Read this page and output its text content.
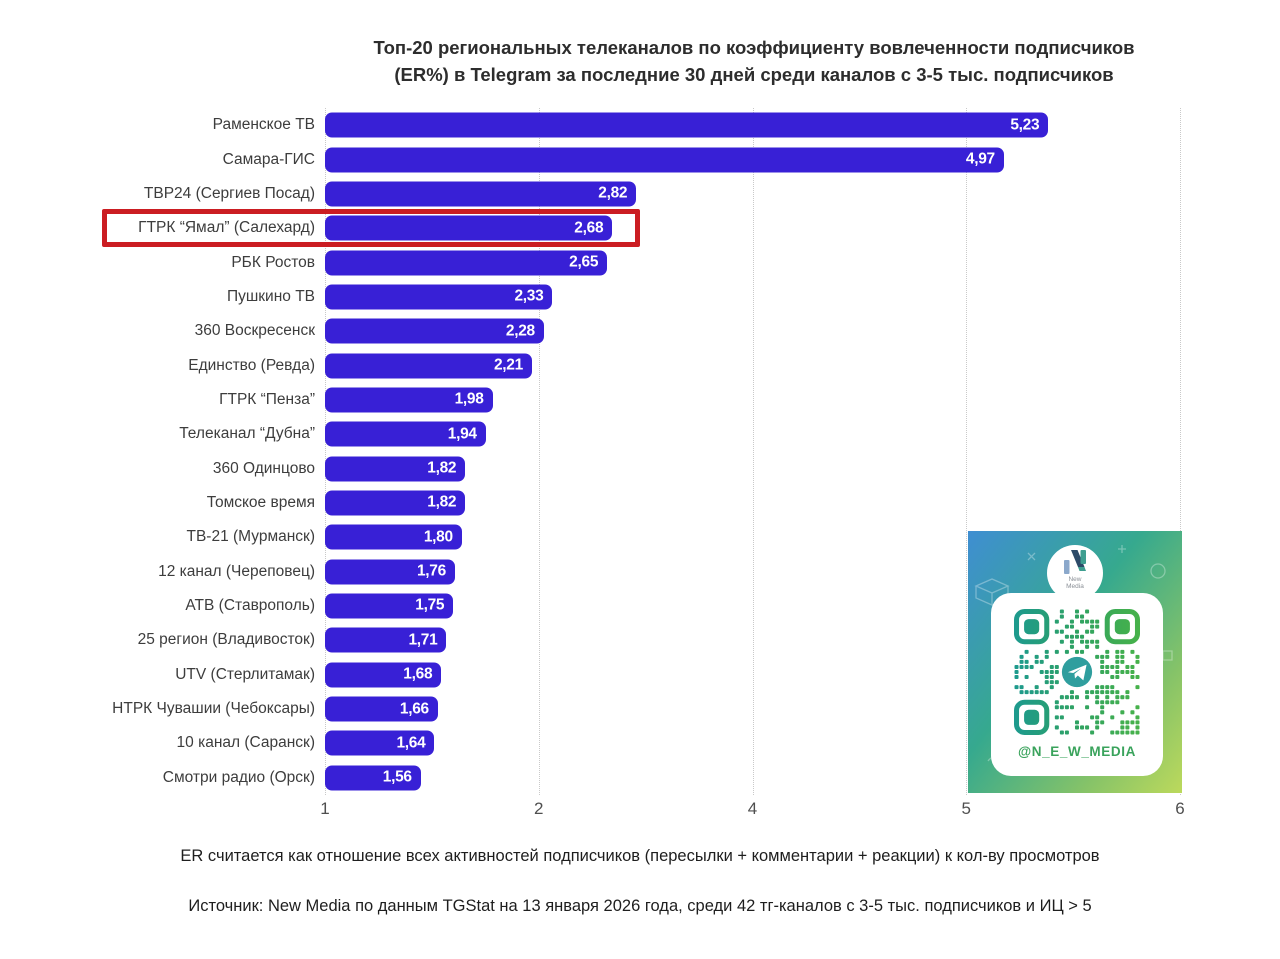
Топ-20 региональных телеканалов по коэффициенту вовлеченности подписчиков
(ER%) в Telegram за последние 30 дней среди каналов с 3-5 тыс. подписчиков
Раменское ТВ	5,23
Самара-ГИС	4,97
ТВР24 (Сергиев Посад)	2,82
ГТРК “Ямал” (Салехард)	2,68
РБК Ростов	2,65
Пушкино ТВ	2,33
360 Воскресенск	2,28
Единство (Ревда)	2,21
ГТРК “Пенза”	1,98
Телеканал “Дубна”	1,94
360 Одинцово	1,82
Томское время	1,82
ТВ-21 (Мурманск)	1,80
12 канал (Череповец)	1,76
АТВ (Ставрополь)	1,75
25 регион (Владивосток)	1,71
UTV (Стерлитамак)	1,68
НТРК Чувашии (Чебоксары)	1,66
10 канал (Саранск)	1,64
Смотри радио (Орск)	1,56
1	2	4	5	6
ER считается как отношение всех активностей подписчиков (пересылки + комментарии + реакции) к кол-ву просмотров
Источник: New Media по данным TGStat на 13 января 2026 года, среди 42 тг-каналов с 3-5 тыс. подписчиков и ИЦ > 5
New
Media
@N_E_W_MEDIA
